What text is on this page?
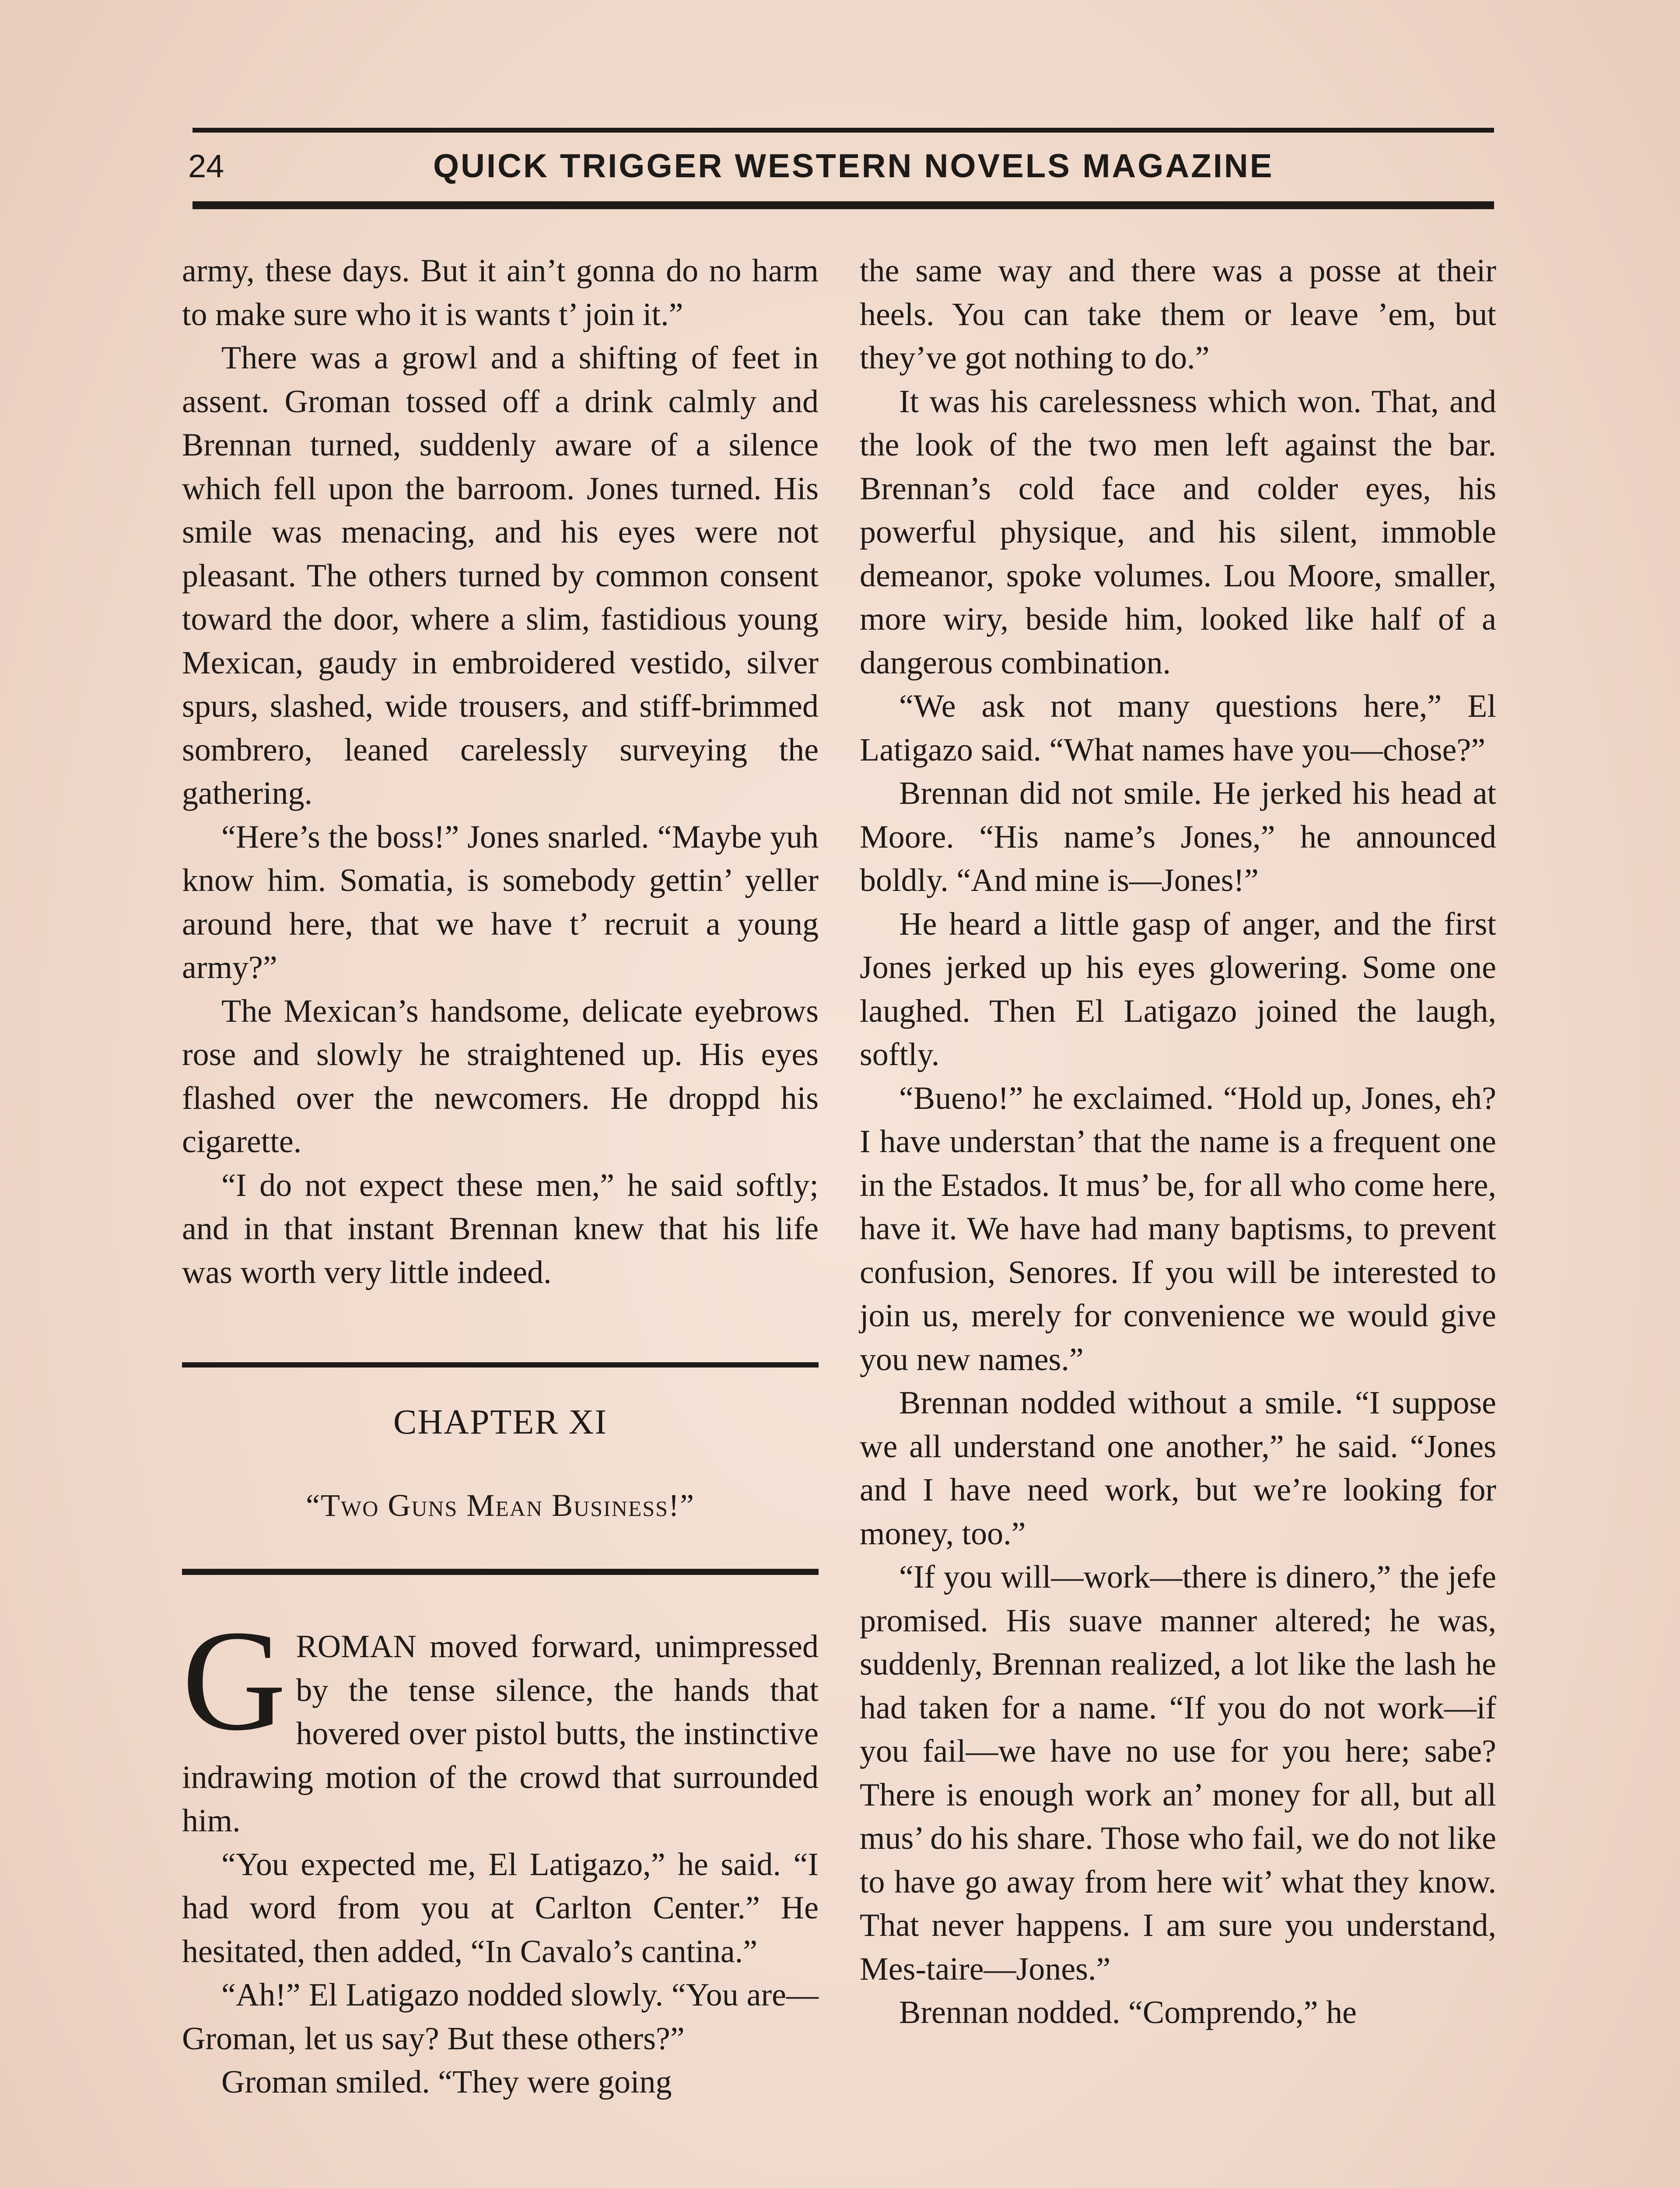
24	QUICK TRIGGER WESTERN NOVELS MAGAZINE

army, these days. But it ain’t gonna do no harm to make sure who it is wants t’ join it.”

There was a growl and a shifting of feet in assent. Groman tossed off a drink calmly and Brennan turned, suddenly aware of a silence which fell upon the barroom. Jones turned. His smile was menacing, and his eyes were not pleasant. The others turned by common consent toward the door, where a slim, fastidious young Mexican, gaudy in embroidered vestido, silver spurs, slashed, wide trousers, and stiff-brimmed sombrero, leaned carelessly surveying the gathering.

“Here’s the boss!” Jones snarled. “Maybe yuh know him. Somatia, is somebody gettin’ yeller around here, that we have t’ recruit a young army?”

The Mexican’s handsome, delicate eyebrows rose and slowly he straightened up. His eyes flashed over the newcomers. He droppd his cigarette.

“I do not expect these men,” he said softly; and in that instant Brennan knew that his life was worth very little indeed.

CHAPTER XI
“Two Guns Mean Business!”

GROMAN moved forward, unimpressed by the tense silence, the hands that hovered over pistol butts, the instinctive indrawing motion of the crowd that surrounded him.

“You expected me, El Latigazo,” he said. “I had word from you at Carlton Center.” He hesitated, then added, “In Cavalo’s cantina.”

“Ah!” El Latigazo nodded slowly. “You are—Groman, let us say? But these others?”

Groman smiled. “They were going

the same way and there was a posse at their heels. You can take them or leave ’em, but they’ve got nothing to do.”

It was his carelessness which won. That, and the look of the two men left against the bar. Brennan’s cold face and colder eyes, his powerful physique, and his silent, immoble demeanor, spoke volumes. Lou Moore, smaller, more wiry, beside him, looked like half of a dangerous combination.

“We ask not many questions here,” El Latigazo said. “What names have you—chose?”

Brennan did not smile. He jerked his head at Moore. “His name’s Jones,” he announced boldly. “And mine is—Jones!”

He heard a little gasp of anger, and the first Jones jerked up his eyes glowering. Some one laughed. Then El Latigazo joined the laugh, softly.

“Bueno!” he exclaimed. “Hold up, Jones, eh? I have understan’ that the name is a frequent one in the Estados. It mus’ be, for all who come here, have it. We have had many baptisms, to prevent confusion, Senores. If you will be interested to join us, merely for convenience we would give you new names.”

Brennan nodded without a smile. “I suppose we all understand one another,” he said. “Jones and I have need work, but we’re looking for money, too.”

“If you will—work—there is dinero,” the jefe promised. His suave manner altered; he was, suddenly, Brennan realized, a lot like the lash he had taken for a name. “If you do not work—if you fail—we have no use for you here; sabe? There is enough work an’ money for all, but all mus’ do his share. Those who fail, we do not like to have go away from here wit’ what they know. That never happens. I am sure you understand, Mes-taire—Jones.”

Brennan nodded. “Comprendo,” he
